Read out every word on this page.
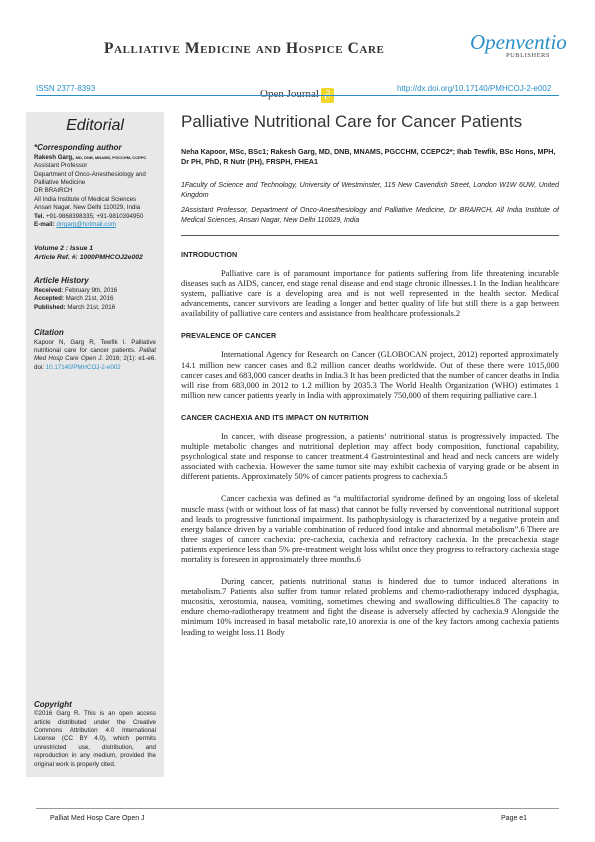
Palliative Medicine and Hospice Care	Openventio
PUBLISHERS
ISSN 2377-8393	Open Journal ∂	http://dx.doi.org/10.17140/PMHCOJ-2-e002
Editorial
*Corresponding author
Rakesh Garg, MD, DNB, MNAMS, PGCCHM, CCEPC
Assistant Professor
Department of Onco-Anesthesiology and Palliative Medicine
DR BRAIRCH
All India Institute of Medical Sciences
Ansari Nagar, New Delhi 110029, India
Tel. +91-9868398335; +91-9810394950
E-mail: drrgarg@hotmail.com
Volume 2 : Issue 1
Article Ref. #: 1000PMHCOJ2e002
Article History
Received: February 9th, 2016
Accepted: March 21st, 2016
Published: March 21st, 2016
Citation
Kapoor N, Garg R, Tewfik I. Palliative nutritional care for cancer patients. Palliat Med Hosp Care Open J. 2016; 2(1): e1-e6. doi: 10.17140/PMHCOJ-2-e002
Copyright
©2016 Garg R. This is an open access article distributed under the Creative Commons Attribution 4.0 International License (CC BY 4.0), which permits unrestricted use, distribution, and reproduction in any medium, provided the original work is properly cited.
Palliative Nutritional Care for Cancer Patients
Neha Kapoor, MSc, BSc1; Rakesh Garg, MD, DNB, MNAMS, PGCCHM, CCEPC2*; Ihab Tewfik, BSc Hons, MPH, Dr PH, PhD, R Nutr (PH), FRSPH, FHEA1
1Faculty of Science and Technology, University of Westminster, 115 New Cavendish Street, London W1W 6UW, United Kingdom
2Assistant Professor, Department of Onco-Anesthesiology and Palliative Medicine, Dr BRAIRCH, All India Institute of Medical Sciences, Ansari Nagar, New Delhi 110029, India
INTRODUCTION

Palliative care is of paramount importance for patients suffering from life threatening incurable diseases such as AIDS, cancer, end stage renal disease and end stage chronic illnesses.1 In the Indian healthcare system, palliative care is a developing area and is not well represented in the health sector. Medical advancements, cancer survivors are leading a longer and better quality of life but still there is a gap between availability of palliative care centers and assistance from healthcare professionals.2

PREVALENCE OF CANCER

International Agency for Research on Cancer (GLOBOCAN project, 2012) reported approximately 14.1 million new cancer cases and 8.2 million cancer deaths worldwide. Out of these there were 1015,000 cancer cases and 683,000 cancer deaths in India.3 It has been predicted that the number of cancer deaths in India will rise from 683,000 in 2012 to 1.2 million by 2035.3 The World Health Organization (WHO) estimates 1 million new cancer patients yearly in India with approximately 750,000 of them requiring palliative care.1

CANCER CACHEXIA AND ITS IMPACT ON NUTRITION

In cancer, with disease progression, a patients’ nutritional status is progressively impacted. The multiple metabolic changes and nutritional depletion may affect body composition, functional capability, psychological state and response to cancer treatment.4 Gastrointestinal and head and neck cancers are widely associated with cachexia. However the same tumor site may exhibit cachexia of varying grade or be absent in different patients. Approximately 50% of cancer patients progress to cachexia.5

Cancer cachexia was defined as “a multifactorial syndrome defined by an ongoing loss of skeletal muscle mass (with or without loss of fat mass) that cannot be fully reversed by conventional nutritional support and leads to progressive functional impairment. Its pathophysiology is characterized by a negative protein and energy balance driven by a variable combination of reduced food intake and abnormal metabolism”.6 There are three stages of cancer cachexia: pre-cachexia, cachexia and refractory cachexia. In the precachexia stage patients experience less than 5% pre-treatment weight loss whilst once they progress to refractory cachexia stage mortality is foreseen in approximately three months.6

During cancer, patients nutritional status is hindered due to tumor induced alterations in metabolism.7 Patients also suffer from tumor related problems and chemo-radiotherapy induced dysphagia, mucositis, xerostomia, nausea, vomiting, sometimes chewing and swallowing difficulties.8 The capacity to endure chemo-radiotherapy treatment and fight the disease is adversely affected by cachexia.9 Alongside the minimum 10% increased in basal metabolic rate,10 anorexia is one of the key factors among cachexia patients leading to weight loss.11 Body

Palliat Med Hosp Care Open J	Page e1
